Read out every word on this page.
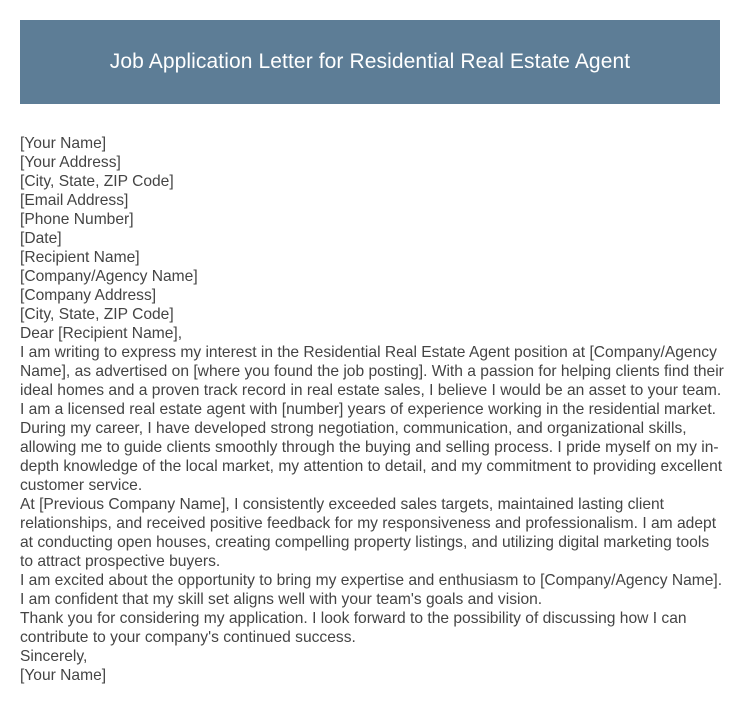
Job Application Letter for Residential Real Estate Agent
[Your Name]
[Your Address]
[City, State, ZIP Code]
[Email Address]
[Phone Number]
[Date]
[Recipient Name]
[Company/Agency Name]
[Company Address]
[City, State, ZIP Code]
Dear [Recipient Name],
I am writing to express my interest in the Residential Real Estate Agent position at [Company/Agency Name], as advertised on [where you found the job posting]. With a passion for helping clients find their ideal homes and a proven track record in real estate sales, I believe I would be an asset to your team.
I am a licensed real estate agent with [number] years of experience working in the residential market. During my career, I have developed strong negotiation, communication, and organizational skills, allowing me to guide clients smoothly through the buying and selling process. I pride myself on my in-depth knowledge of the local market, my attention to detail, and my commitment to providing excellent customer service.
At [Previous Company Name], I consistently exceeded sales targets, maintained lasting client relationships, and received positive feedback for my responsiveness and professionalism. I am adept at conducting open houses, creating compelling property listings, and utilizing digital marketing tools to attract prospective buyers.
I am excited about the opportunity to bring my expertise and enthusiasm to [Company/Agency Name]. I am confident that my skill set aligns well with your team's goals and vision.
Thank you for considering my application. I look forward to the possibility of discussing how I can contribute to your company's continued success.
Sincerely,
[Your Name]
